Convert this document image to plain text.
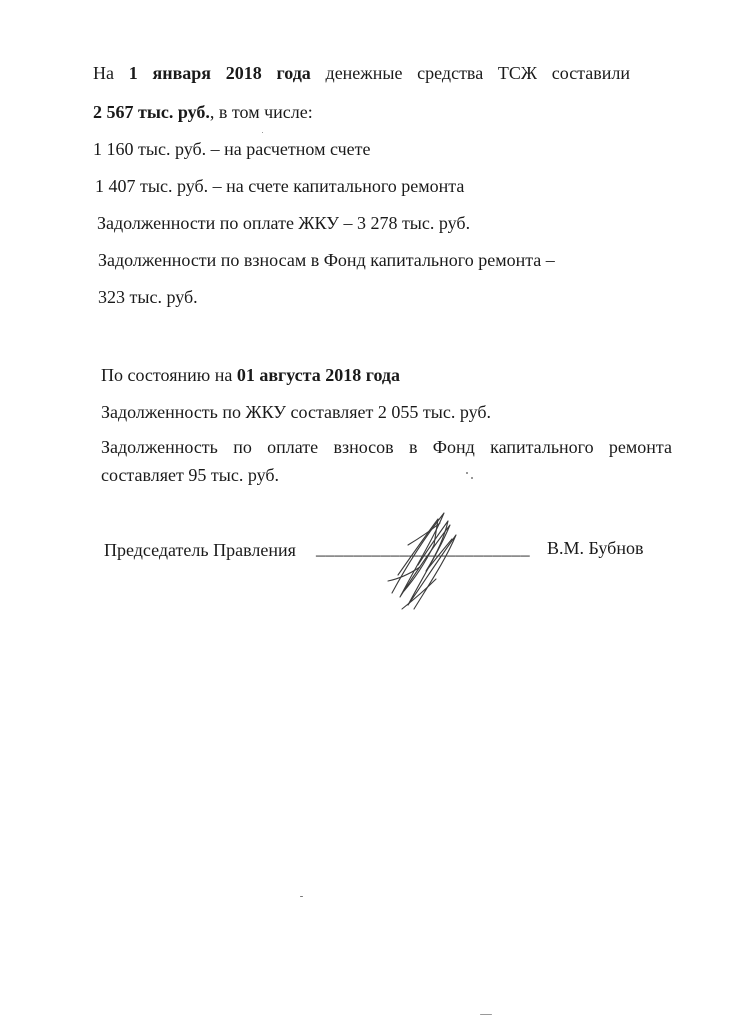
На 1 января 2018 года денежные средства ТСЖ составили
2 567 тыс. руб., в том числе:
1 160 тыс. руб. – на расчетном счете
1 407 тыс. руб. – на счете капитального ремонта
Задолженности по оплате ЖКУ – 3 278 тыс. руб.
Задолженности по взносам в Фонд капитального ремонта –
323 тыс. руб.
По состоянию на 01 августа 2018 года
Задолженность по ЖКУ составляет 2 055 тыс. руб.
Задолженность по оплате взносов в Фонд капитального ремонта
составляет 95 тыс. руб.
Председатель Правления _______________________ В.М. Бубнов
